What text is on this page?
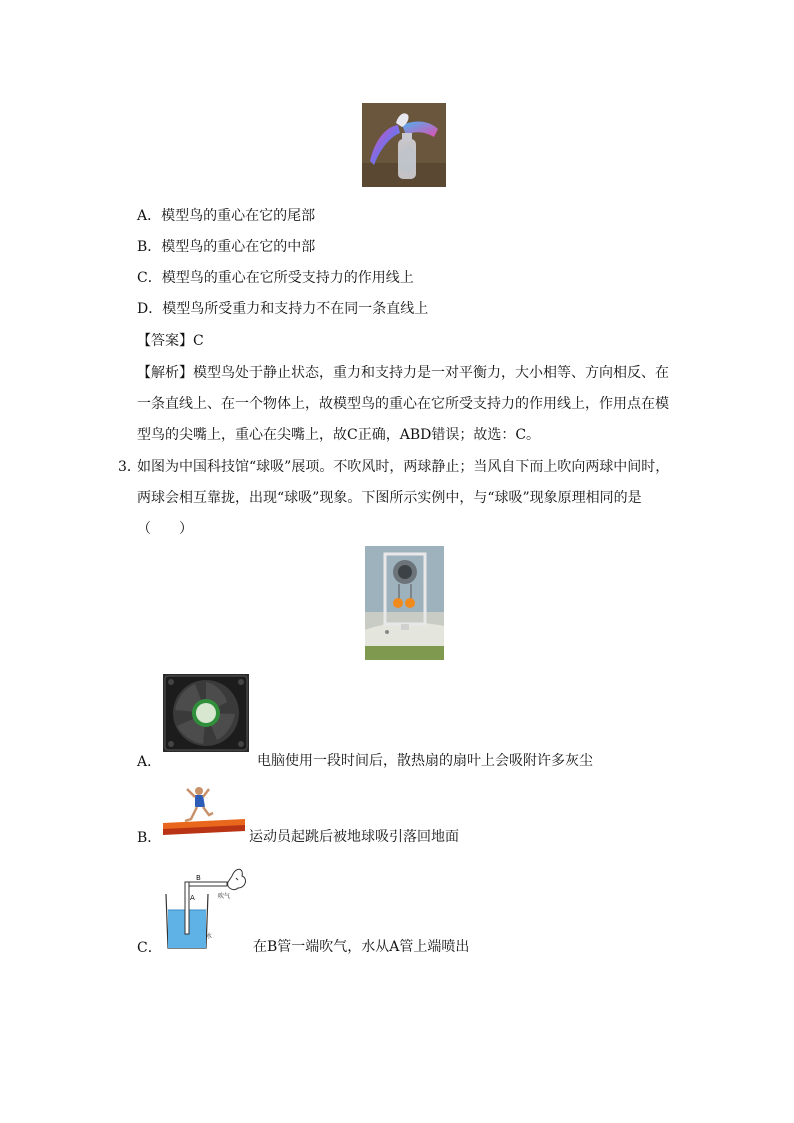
A．模型鸟的重心在它的尾部
B．模型鸟的重心在它的中部
C．模型鸟的重心在它所受支持力的作用线上
D．模型鸟所受重力和支持力不在同一条直线上
【答案】C
【解析】模型鸟处于静止状态，重力和支持力是一对平衡力，大小相等、方向相反、在
一条直线上、在一个物体上，故模型鸟的重心在它所受支持力的作用线上，作用点在模
型鸟的尖嘴上，重心在尖嘴上，故C正确，ABD错误；故选：C。
3．
如图为中国科技馆“球吸”展项。不吹风时，两球静止；当风自下而上吹向两球中间时，
两球会相互靠拢，出现“球吸”现象。下图所示实例中，与“球吸”现象原理相同的是
（　　）
A．	电脑使用一段时间后，散热扇的扇叶上会吸附许多灰尘
B．	运动员起跳后被地球吸引落回地面
B
A	吹气
水
C．	在B管一端吹气，水从A管上端喷出
